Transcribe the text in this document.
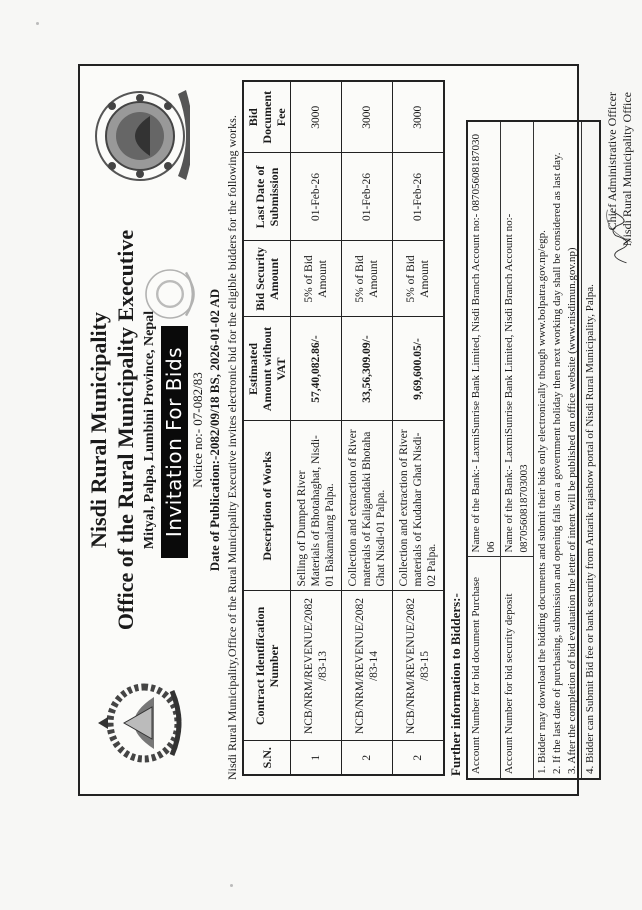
Nisdi Rural Municipality Office of the Rural Municipality Executive Mityal, Palpa, Lumbini Province, Nepal Invitation For Bids Notice no:- 07-082/83 Date of Publication:-2082/09/18 BS, 2026-01-02 AD Nisdi Rural Municipality,Office of the Rural Municipality Executive invites electronic bid for the eligible bidders for the following works. S.N.	Contract Identification Number	Description of Works	Estimated Amount without VAT	Bid Security Amount	Last Date of Submission	Bid Document Fee
1	NCB/NRM/REVENUE/2082 /83-13	Selling of Dumped River Materials of Bhotahaghat, Nisdi-01 Bakamalang Palpa.	57,40,082.86/-	5% of Bid Amount	01-Feb-26	3000
2	NCB/NRM/REVENUE/2082 /83-14	Collection and extraction of River materials of Kaligandaki Bhotaha Ghat Nisdi-01 Palpa.	33,56,309.09/-	5% of Bid Amount	01-Feb-26	3000
2	NCB/NRM/REVENUE/2082 /83-15	Collection and extraction of River materials of Kudahar Ghat Nisdi-02 Palpa.	9,69,600.05/-	5% of Bid Amount	01-Feb-26	3000
Further information to Bidders:- Account Number for bid document Purchase	Name of the Bank:- LaxmiSunrise Bank Limited, Nisdi Branch Account no:- 08705608187030​06
Account Number for bid security deposit	Name of the Bank:- LaxmiSunrise Bank Limited, Nisdi Branch Account no:- 0870560818703003

1. Bidder may download the bidding documents and submit their bids only electronically though www.bolpatra.gov.np/egp. 2. If the last date of purchasing, submission and opening falls on a government holiday then next working day shall be considered as last day. 3. After the completion of bid evaluation the letter of intent will be published on office website (www.nisdimun.gov.np)	

4. Bidder can Submit Bid fee or bank security from Antarik rajashow portal of Nisdi Rural Municipality, Palpa.	
Chief Administrative Officer Nisdi Rural Municipality Office
